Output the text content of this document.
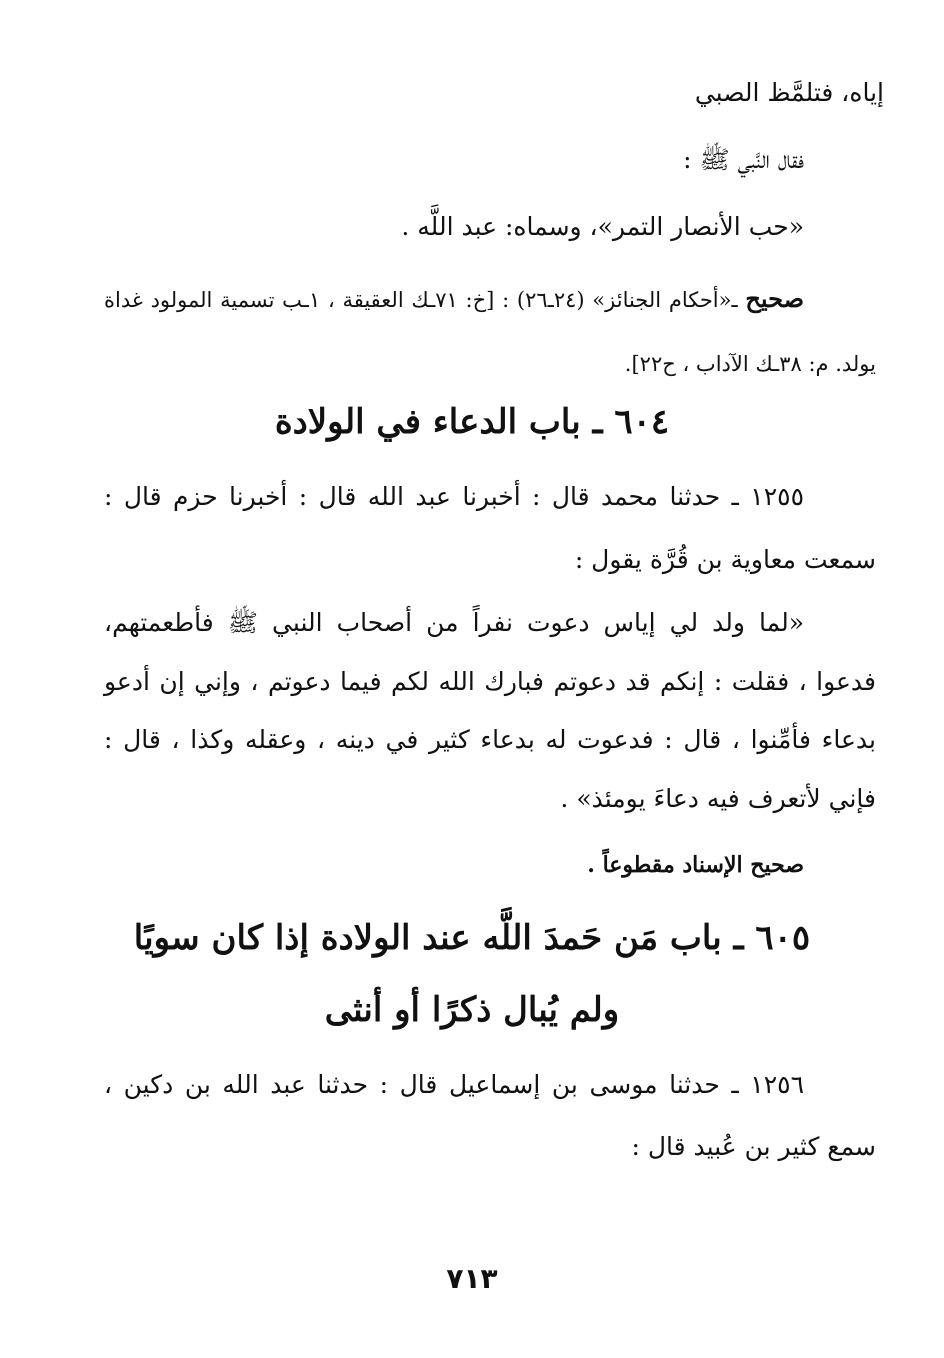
إياه، فتلمَّظ الصبي
فقال النَّبي ﷺ :
«حب الأنصار التمر»، وسماه: عبد اللَّه .
صحيح ـ«أحكام الجنائز» (٢٤ـ٢٦) : [خ: ٧١ـك العقيقة ، ١ـب تسمية المولود غداة
يولد. م: ٣٨ـك الآداب ، ح٢٢].
٦٠٤ ـ باب الدعاء في الولادة
١٢٥٥ ـ حدثنا محمد قال : أخبرنا عبد الله قال : أخبرنا حزم قال :
سمعت معاوية بن قُرَّة يقول :
«لما ولد لي إياس دعوت نفراً من أصحاب النبي ﷺ فأطعمتهم،
فدعوا ، فقلت : إنكم قد دعوتم فبارك الله لكم فيما دعوتم ، وإني إن أدعو
بدعاء فأمِّنوا ، قال : فدعوت له بدعاء كثير في دينه ، وعقله وكذا ، قال :
فإني لأتعرف فيه دعاءَ يومئذ» .
صحيح الإسناد مقطوعاً .
٦٠٥ ـ باب مَن حَمدَ اللَّه عند الولادة إذا كان سويًا
ولم يُبال ذكرًا أو أنثى
١٢٥٦ ـ حدثنا موسى بن إسماعيل قال : حدثنا عبد الله بن دكين ،
سمع كثير بن عُبيد قال :
٧١٣
